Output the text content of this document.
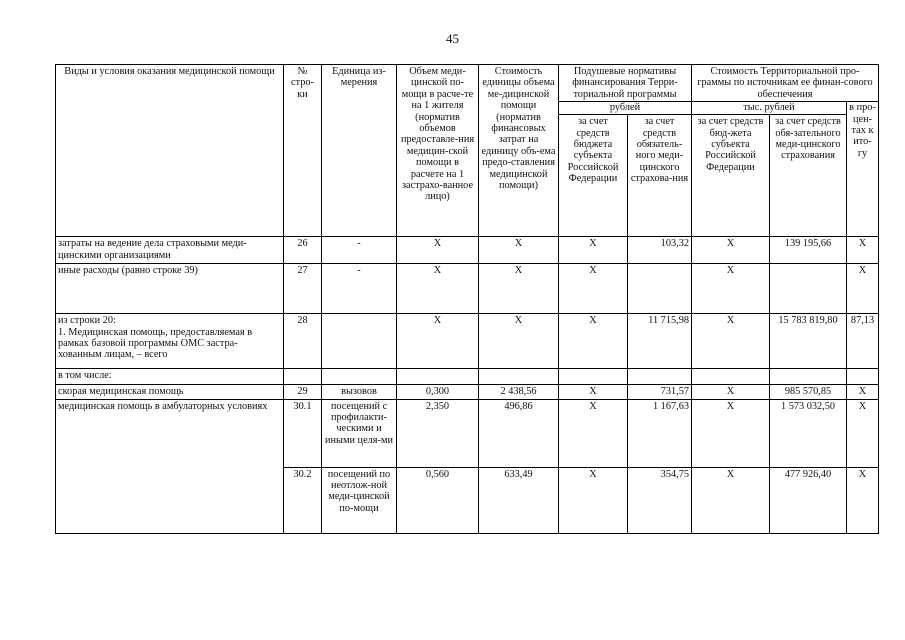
45
Виды и условия оказания медицинской помощи	№ стро-ки	Единица из-мерения	Объем меди-цинской по-мощи в расче-те на 1 жителя (норматив объемов предоставле-ния медицин-ской помощи в расчете на 1 застрахо-ванное лицо)	Стоимость единицы объема ме-дицинской помощи (норматив финансовых затрат на единицу объ-ема предо-ставления медицинской помощи)	Подушевые нормативы финансирования Терри-ториальной программы		Стоимость Территориальной про-граммы по источникам ее финан-сового обеспечения		
					рублей		тыс. рублей		в про-цен-тах к ито-гу
					за счет средств бюджета субъекта Российской Федерации	за счет средств обязатель-ного меди-цинского страхова-ния	за счет средств бюд-жета субъекта Российской Федерации	за счет средств обя-зательного меди-цинского страхования	
затраты на ведение дела страховыми меди-цинскими организациями	26	-	X	X	X	103,32	X	139 195,66	X
иные расходы (равно строке 39)	27	-	X	X	X		X		X
из строки 20:
1. Медицинская помощь, предоставляемая в рамках базовой программы ОМС застра-хованным лицам, – всего	28		X	X	X	11 715,98	X	15 783 819,80	87,13
в том числе:									
скорая медицинская помощь	29	вызовов	0,300	2 438,56	X	731,57	X	985 570,85	X
медицинская помощь в амбулаторных условиях	30.1	посещений с профилакти-ческими и иными целя-ми	2,350	496,86	X	1 167,63	X	1 573 032,50	X
	30.2	посещений по неотлож-ной меди-цинской по-мощи	0,560	633,49	X	354,75	X	477 926,40	X
